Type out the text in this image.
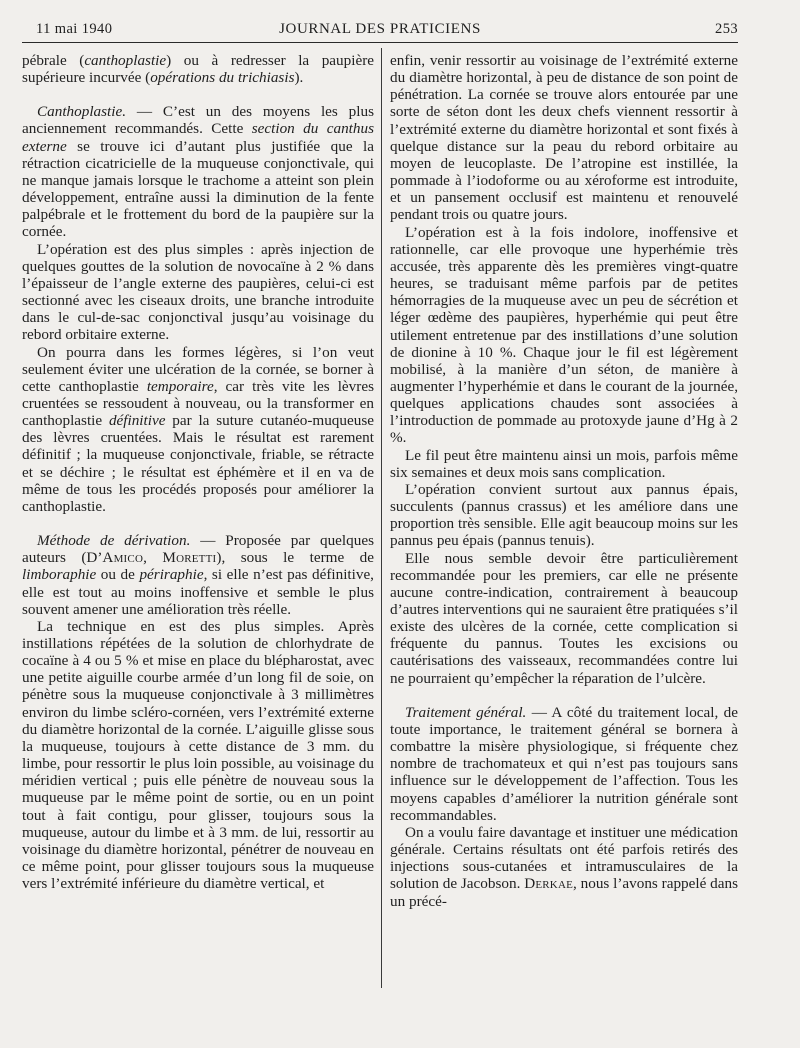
11 mai 1940	JOURNAL DES PRATICIENS	253

pébrale (canthoplastie) ou à redresser la paupière supérieure incurvée (opérations du trichiasis).

Canthoplastie. — C’est un des moyens les plus anciennement recommandés. Cette section du canthus externe se trouve ici d’autant plus justifiée que la rétraction cicatricielle de la muqueuse conjonctivale, qui ne manque jamais lorsque le trachome a atteint son plein développement, entraîne aussi la diminution de la fente palpébrale et le frottement du bord de la paupière sur la cornée.

L’opération est des plus simples : après injection de quelques gouttes de la solution de novocaïne à 2 % dans l’épaisseur de l’angle externe des paupières, celui-ci est sectionné avec les ciseaux droits, une branche introduite dans le cul-de-sac conjonctival jusqu’au voisinage du rebord orbitaire externe.

On pourra dans les formes légères, si l’on veut seulement éviter une ulcération de la cornée, se borner à cette canthoplastie temporaire, car très vite les lèvres cruentées se ressoudent à nouveau, ou la transformer en canthoplastie définitive par la suture cutanéo-muqueuse des lèvres cruentées. Mais le résultat est rarement définitif ; la muqueuse conjonctivale, friable, se rétracte et se déchire ; le résultat est éphémère et il en va de même de tous les procédés proposés pour améliorer la canthoplastie.

Méthode de dérivation. — Proposée par quelques auteurs (D’Amico, Moretti), sous le terme de limboraphie ou de périraphie, si elle n’est pas définitive, elle est tout au moins inoffensive et semble le plus souvent amener une amélioration très réelle.

La technique en est des plus simples. Après instillations répétées de la solution de chlorhydrate de cocaïne à 4 ou 5 % et mise en place du blépharostat, avec une petite aiguille courbe armée d’un long fil de soie, on pénètre sous la muqueuse conjonctivale à 3 millimètres environ du limbe scléro-cornéen, vers l’extrémité externe du diamètre horizontal de la cornée. L’aiguille glisse sous la muqueuse, toujours à cette distance de 3 mm. du limbe, pour ressortir le plus loin possible, au voisinage du méridien vertical ; puis elle pénètre de nouveau sous la muqueuse par le même point de sortie, ou en un point tout à fait contigu, pour glisser, toujours sous la muqueuse, autour du limbe et à 3 mm. de lui, ressortir au voisinage du diamètre horizontal, pénétrer de nouveau en ce même point, pour glisser toujours sous la muqueuse vers l’extrémité inférieure du diamètre vertical, et

enfin, venir ressortir au voisinage de l’extrémité externe du diamètre horizontal, à peu de distance de son point de pénétration. La cornée se trouve alors entourée par une sorte de séton dont les deux chefs viennent ressortir à l’extrémité externe du diamètre horizontal et sont fixés à quelque distance sur la peau du rebord orbitaire au moyen de leucoplaste. De l’atropine est instillée, la pommade à l’iodoforme ou au xéroforme est introduite, et un pansement occlusif est maintenu et renouvelé pendant trois ou quatre jours.

L’opération est à la fois indolore, inoffensive et rationnelle, car elle provoque une hyperhémie très accusée, très apparente dès les premières vingt-quatre heures, se traduisant même parfois par de petites hémorragies de la muqueuse avec un peu de sécrétion et léger œdème des paupières, hyperhémie qui peut être utilement entretenue par des instillations d’une solution de dionine à 10 %. Chaque jour le fil est légèrement mobilisé, à la manière d’un séton, de manière à augmenter l’hyperhémie et dans le courant de la journée, quelques applications chaudes sont associées à l’introduction de pommade au protoxyde jaune d’Hg à 2 %.

Le fil peut être maintenu ainsi un mois, parfois même six semaines et deux mois sans complication.

L’opération convient surtout aux pannus épais, succulents (pannus crassus) et les améliore dans une proportion très sensible. Elle agit beaucoup moins sur les pannus peu épais (pannus tenuis).

Elle nous semble devoir être particulièrement recommandée pour les premiers, car elle ne présente aucune contre-indication, contrairement à beaucoup d’autres interventions qui ne sauraient être pratiquées s’il existe des ulcères de la cornée, cette complication si fréquente du pannus. Toutes les excisions ou cautérisations des vaisseaux, recommandées contre lui ne pourraient qu’empêcher la réparation de l’ulcère.

Traitement général. — A côté du traitement local, de toute importance, le traitement général se bornera à combattre la misère physiologique, si fréquente chez nombre de trachomateux et qui n’est pas toujours sans influence sur le développement de l’affection. Tous les moyens capables d’améliorer la nutrition générale sont recommandables.

On a voulu faire davantage et instituer une médication générale. Certains résultats ont été parfois retirés des injections sous-cutanées et intramusculaires de la solution de Jacobson. Derkae, nous l’avons rappelé dans un précé-
